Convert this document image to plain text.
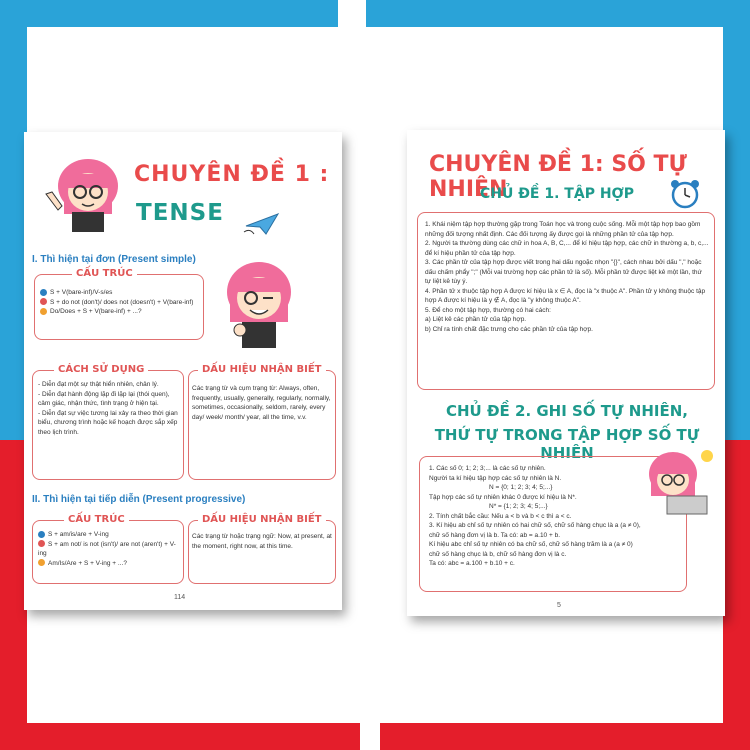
CHUYÊN ĐỀ 1 :
TENSE
I. Thì hiện tại đơn (Present simple)
CẤU TRÚC
S + V(bare-inf)/V-s/es
S + do not (don't)/ does not (doesn't) + V(bare-inf)
Do/Does + S + V(bare-inf) + ...?
CÁCH SỬ DỤNG
- Diễn đạt một sự thật hiển nhiên, chân lý.
- Diễn đạt hành động lặp đi lặp lại (thói quen), cảm giác, nhận thức, tình trạng ở hiện tại.
- Diễn đạt sự việc tương lai xảy ra theo thời gian biểu, chương trình hoặc kế hoạch được sắp xếp theo lịch trình.
DẤU HIỆU NHẬN BIẾT
Các trạng từ và cụm trạng từ: Always, often, frequently, usually, generally, regularly, normally, sometimes, occasionally, seldom, rarely, every day/ week/ month/ year, all the time, v.v.
II. Thì hiện tại tiếp diễn (Present progressive)
CẤU TRÚC
S + am/is/are + V-ing
S + am not/ is not (isn't)/ are not (aren't) + V-ing
Am/Is/Are + S + V-ing + ...?
DẤU HIỆU NHẬN BIẾT
Các trạng từ hoặc trạng ngữ: Now, at present, at the moment, right now, at this time.
114
CHUYÊN ĐỀ 1: SỐ TỰ NHIÊN
CHỦ ĐỀ 1. TẬP HỢP
1. Khái niệm tập hợp thường gặp trong Toán học và trong cuộc sống. Mỗi một tập hợp bao gồm những đối tượng nhất định. Các đối tượng ấy được gọi là những phần tử của tập hợp.
2. Người ta thường dùng các chữ in hoa A, B, C,... để kí hiệu tập hợp, các chữ in thường a, b, c,... để kí hiệu phần tử của tập hợp.
3. Các phần tử của tập hợp được viết trong hai dấu ngoặc nhọn "{}", cách nhau bởi dấu "," hoặc dấu chấm phẩy ";" (Mỗi vai trường hợp các phần tử là số). Mỗi phần tử được liệt kê một lần, thứ tự liệt kê tùy ý.
4. Phần tử x thuộc tập hợp A được kí hiệu là x ∈ A, đọc là "x thuộc A". Phần tử y không thuộc tập hợp A được kí hiệu là y ∉ A, đọc là "y không thuộc A".
5. Để cho một tập hợp, thường có hai cách:
a) Liệt kê các phần tử của tập hợp.
b) Chỉ ra tính chất đặc trưng cho các phần tử của tập hợp.
CHỦ ĐỀ 2. GHI SỐ TỰ NHIÊN,
THỨ TỰ TRONG TẬP HỢP SỐ TỰ NHIÊN
1. Các số 0; 1; 2; 3;... là các số tự nhiên.
Người ta kí hiệu tập hợp các số tự nhiên là N.
N = {0; 1; 2; 3; 4; 5;...}
Tập hợp các số tự nhiên khác 0 được kí hiệu là N*.
N* = {1; 2; 3; 4; 5;...}
2. Tính chất bắc cầu: Nếu a < b và b < c thì a < c.
3. Kí hiệu ab chỉ số tự nhiên có hai chữ số, chữ số hàng chục là a (a ≠ 0), chữ số hàng đơn vị là b. Ta có: ab = a.10 + b.
Kí hiệu abc chỉ số tự nhiên có ba chữ số, chữ số hàng trăm là a (a ≠ 0) chữ số hàng chục là b, chữ số hàng đơn vị là c.
Ta có: abc = a.100 + b.10 + c.
5
